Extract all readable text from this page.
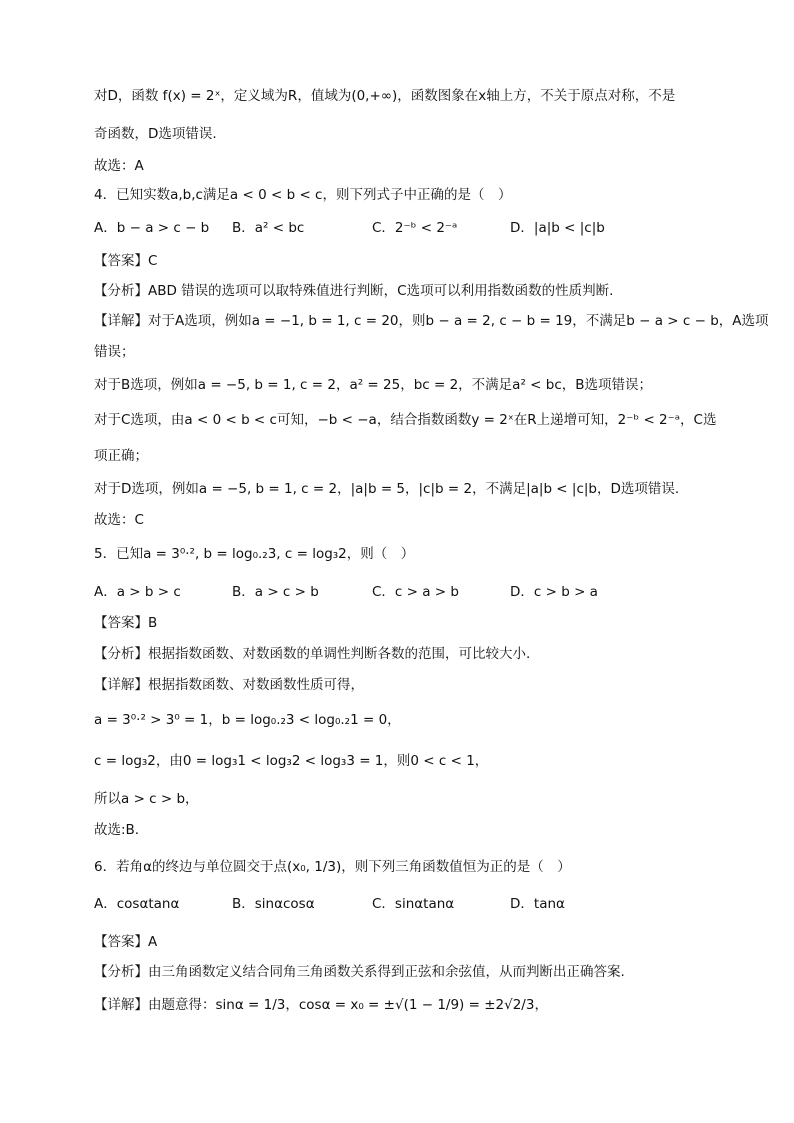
对D，函数 f(x) = 2ˣ，定义域为R，值域为(0,+∞)，函数图象在x轴上方，不关于原点对称，不是
奇函数，D选项错误.
故选：A
4．已知实数a,b,c满足a < 0 < b < c，则下列式子中正确的是（　）
【答案】C
【分析】ABD 错误的选项可以取特殊值进行判断，C选项可以利用指数函数的性质判断.
【详解】对于A选项，例如a = −1, b = 1, c = 20，则b − a = 2, c − b = 19，不满足b − a > c − b，A选项
错误；
对于B选项，例如a = −5, b = 1, c = 2，a² = 25，bc = 2，不满足a² < bc，B选项错误；
对于C选项，由a < 0 < b < c可知，−b < −a，结合指数函数y = 2ˣ在R上递增可知，2⁻ᵇ < 2⁻ᵃ，C选
项正确；
对于D选项，例如a = −5, b = 1, c = 2，|a|b = 5，|c|b = 2，不满足|a|b < |c|b，D选项错误.
故选：C
5．已知a = 3⁰·², b = log₀.₂3, c = log₃2，则（　）
【答案】B
【分析】根据指数函数、对数函数的单调性判断各数的范围，可比较大小.
【详解】根据指数函数、对数函数性质可得，
a = 3⁰·² > 3⁰ = 1，b = log₀.₂3 < log₀.₂1 = 0，
c = log₃2，由0 = log₃1 < log₃2 < log₃3 = 1，则0 < c < 1，
所以a > c > b，
故选:B.
6．若角α的终边与单位圆交于点(x₀, 1/3)，则下列三角函数值恒为正的是（　）
【答案】A
【分析】由三角函数定义结合同角三角函数关系得到正弦和余弦值，从而判断出正确答案.
【详解】由题意得：sinα = 1/3，cosα = x₀ = ±√(1 − 1/9) = ±2√2/3，
A．b − a > c − b B．a² < bc	C．2⁻ᵇ < 2⁻ᵃ	D．|a|b < |c|b
A．a > b > c	B．a > c > b	C．c > a > b	D．c > b > a
A．cosαtanα	B．sinαcosα	C．sinαtanα	D．tanα
